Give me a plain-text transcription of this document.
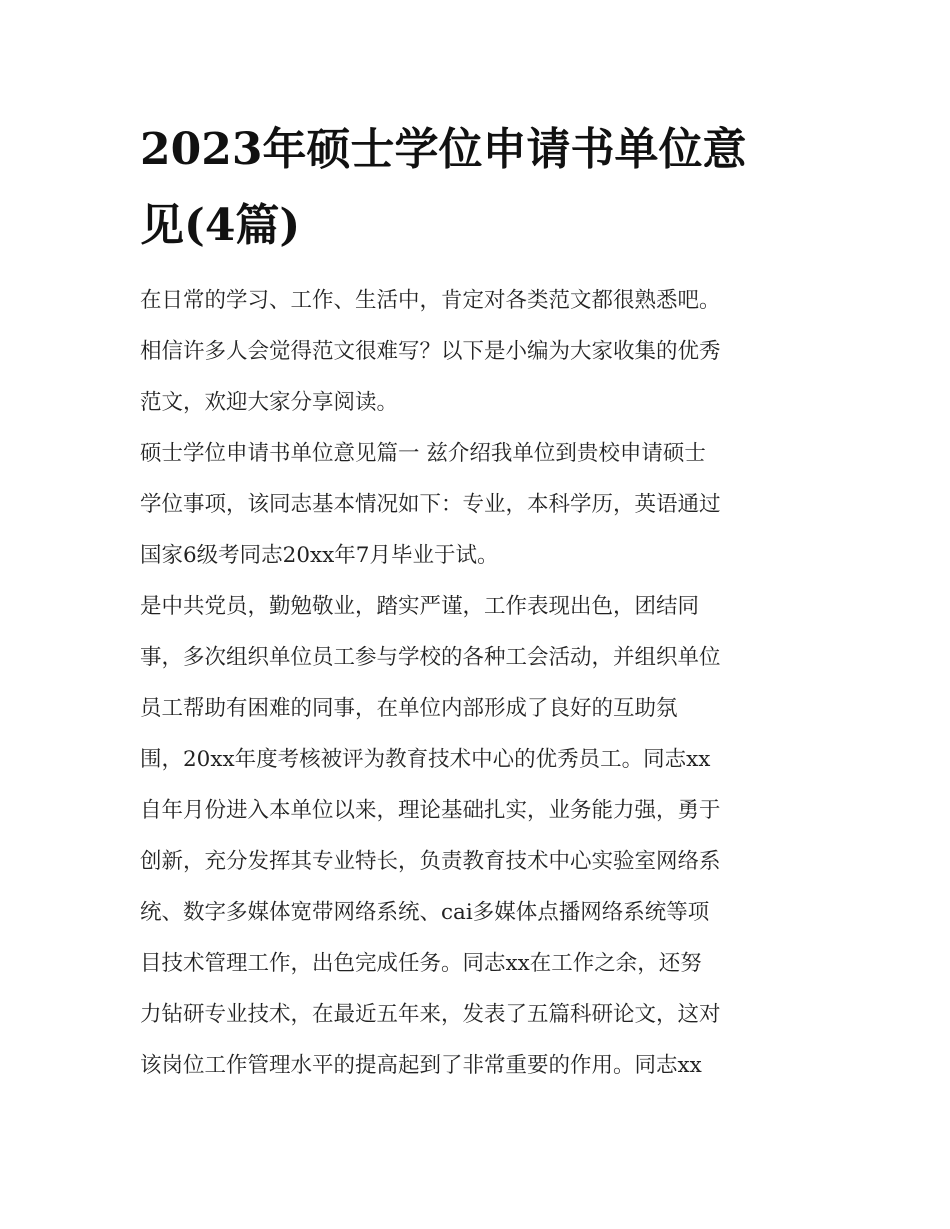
2023年硕士学位申请书单位意
见(4篇)
在日常的学习、工作、生活中，肯定对各类范文都很熟悉吧。
相信许多人会觉得范文很难写？以下是小编为大家收集的优秀
范文，欢迎大家分享阅读。
硕士学位申请书单位意见篇一 兹介绍我单位到贵校申请硕士
学位事项，该同志基本情况如下：专业，本科学历，英语通过
国家6级考同志20xx年7月毕业于试。
是中共党员，勤勉敬业，踏实严谨，工作表现出色，团结同
事，多次组织单位员工参与学校的各种工会活动，并组织单位
员工帮助有困难的同事，在单位内部形成了良好的互助氛
围，20xx年度考核被评为教育技术中心的优秀员工。同志xx
自年月份进入本单位以来，理论基础扎实，业务能力强，勇于
创新，充分发挥其专业特长，负责教育技术中心实验室网络系
统、数字多媒体宽带网络系统、cai多媒体点播网络系统等项
目技术管理工作，出色完成任务。同志xx在工作之余，还努
力钻研专业技术，在最近五年来，发表了五篇科研论文，这对
该岗位工作管理水平的提高起到了非常重要的作用。同志xx
